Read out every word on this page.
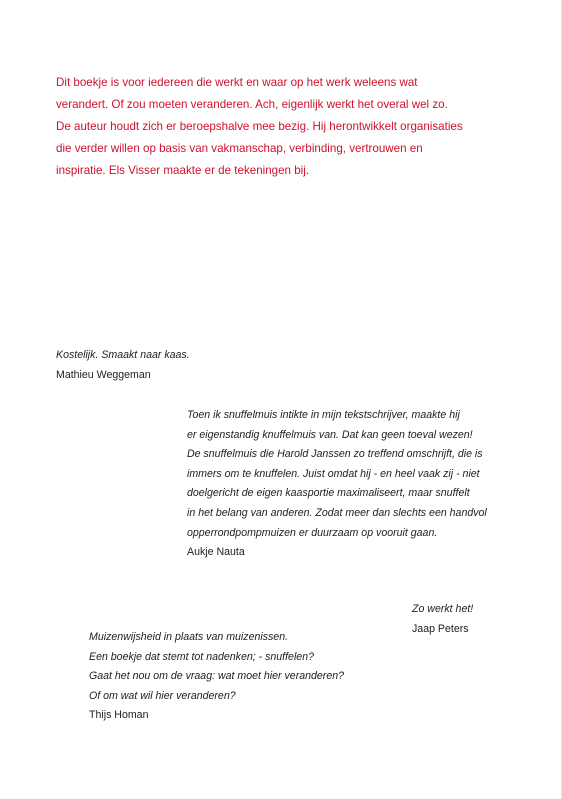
Dit boekje is voor iedereen die werkt en waar op het werk weleens wat
verandert. Of zou moeten veranderen. Ach, eigenlijk werkt het overal wel zo.
De auteur houdt zich er beroepshalve mee bezig. Hij herontwikkelt organisaties
die verder willen op basis van vakmanschap, verbinding, vertrouwen en
inspiratie. Els Visser maakte er de tekeningen bij.

Kostelijk. Smaakt naar kaas.
Mathieu Weggeman
Toen ik snuffelmuis intikte in mijn tekstschrijver, maakte hij
er eigenstandig knuffelmuis van. Dat kan geen toeval wezen!
De snuffelmuis die Harold Janssen zo treffend omschrijft, die is
immers om te knuffelen. Juist omdat hij - en heel vaak zij - niet
doelgericht de eigen kaasportie maximaliseert, maar snuffelt
in het belang van anderen. Zodat meer dan slechts een handvol
opperrondpompmuizen er duurzaam op vooruit gaan.
Aukje Nauta
Zo werkt het!
Jaap Peters
Muizenwijsheid in plaats van muizenissen.
Een boekje dat stemt tot nadenken; - snuffelen?
Gaat het nou om de vraag: wat moet hier veranderen?
Of om wat wil hier veranderen?
Thijs Homan
